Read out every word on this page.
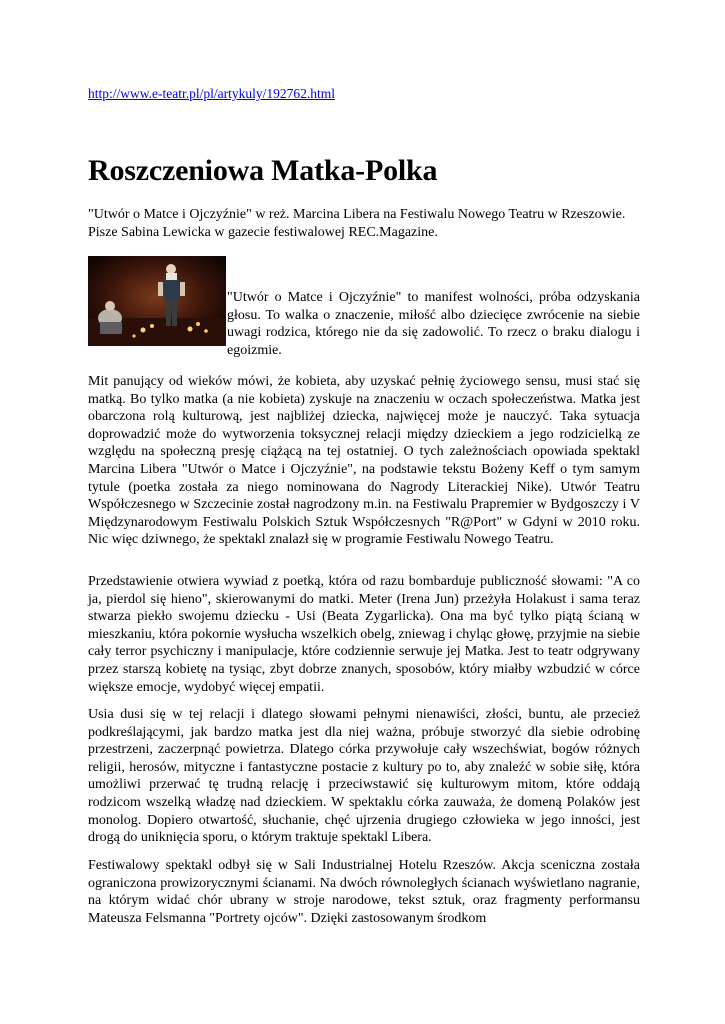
http://www.e-teatr.pl/pl/artykuly/192762.html
Roszczeniowa Matka-Polka

"Utwór o Matce i Ojczyźnie" w reż. Marcina Libera na Festiwalu Nowego Teatru w Rzeszowie. Pisze Sabina Lewicka w gazecie festiwalowej REC.Magazine.

"Utwór o Matce i Ojczyźnie" to manifest wolności, próba odzyskania głosu. To walka o znaczenie, miłość albo dziecięce zwrócenie na siebie uwagi rodzica, którego nie da się zadowolić. To rzecz o braku dialogu i egoizmie.

Mit panujący od wieków mówi, że kobieta, aby uzyskać pełnię życiowego sensu, musi stać się matką. Bo tylko matka (a nie kobieta) zyskuje na znaczeniu w oczach społeczeństwa. Matka jest obarczona rolą kulturową, jest najbliżej dziecka, najwięcej może je nauczyć. Taka sytuacja doprowadzić może do wytworzenia toksycznej relacji między dzieckiem a jego rodzicielką ze względu na społeczną presję ciążącą na tej ostatniej. O tych zależnościach opowiada spektakl Marcina Libera "Utwór o Matce i Ojczyźnie", na podstawie tekstu Bożeny Keff o tym samym tytule (poetka została za niego nominowana do Nagrody Literackiej Nike). Utwór Teatru Współczesnego w Szczecinie został nagrodzony m.in. na Festiwalu Prapremier w Bydgoszczy i V Międzynarodowym Festiwalu Polskich Sztuk Współczesnych "R@Port" w Gdyni w 2010 roku. Nic więc dziwnego, że spektakl znalazł się w programie Festiwalu Nowego Teatru.

Przedstawienie otwiera wywiad z poetką, która od razu bombarduje publiczność słowami: "A co ja, pierdol się hieno", skierowanymi do matki. Meter (Irena Jun) przeżyła Holakust i sama teraz stwarza piekło swojemu dziecku - Usi (Beata Zygarlicka). Ona ma być tylko piątą ścianą w mieszkaniu, która pokornie wysłucha wszelkich obelg, zniewag i chyląc głowę, przyjmie na siebie cały terror psychiczny i manipulacje, które codziennie serwuje jej Matka. Jest to teatr odgrywany przez starszą kobietę na tysiąc, zbyt dobrze znanych, sposobów, który miałby wzbudzić w córce większe emocje, wydobyć więcej empatii.

Usia dusi się w tej relacji i dlatego słowami pełnymi nienawiści, złości, buntu, ale przecież podkreślającymi, jak bardzo matka jest dla niej ważna, próbuje stworzyć dla siebie odrobinę przestrzeni, zaczerpnąć powietrza. Dlatego córka przywołuje cały wszechświat, bogów różnych religii, herosów, mityczne i fantastyczne postacie z kultury po to, aby znaleźć w sobie siłę, która umożliwi przerwać tę trudną relację i przeciwstawić się kulturowym mitom, które oddają rodzicom wszelką władzę nad dzieckiem. W spektaklu córka zauważa, że domeną Polaków jest monolog. Dopiero otwartość, słuchanie, chęć ujrzenia drugiego człowieka w jego inności, jest drogą do uniknięcia sporu, o którym traktuje spektakl Libera.

Festiwalowy spektakl odbył się w Sali Industrialnej Hotelu Rzeszów. Akcja sceniczna została ograniczona prowizorycznymi ścianami. Na dwóch równoległych ścianach wyświetlano nagranie, na którym widać chór ubrany w stroje narodowe, tekst sztuk, oraz fragmenty performansu Mateusza Felsmanna "Portrety ojców". Dzięki zastosowanym środkom
